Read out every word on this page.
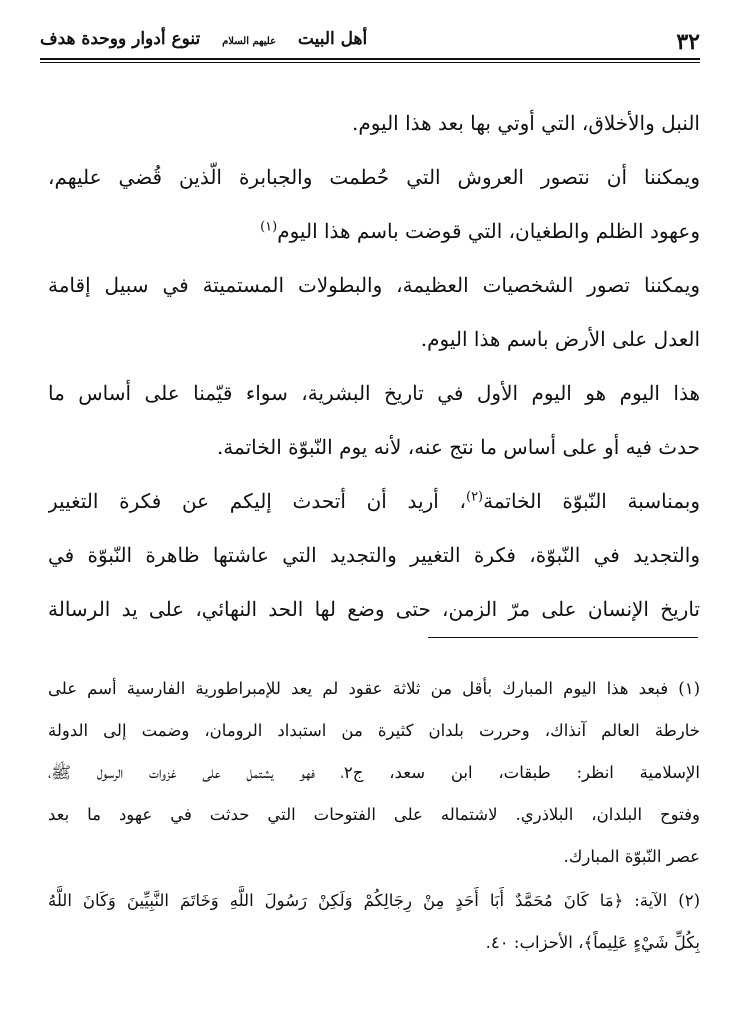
٣٢
أهل البيت  عليهم السلام  تنوع أدوار ووحدة هدف
النبل والأخلاق، التي أوتي بها بعد هذا اليوم.
ويمكننا أن نتصور العروش التي حُطمت والجبابرة الّذين قُضي عليهم،
وعهود الظلم والطغيان، التي قوضت باسم هذا اليوم$^{(١)}$
ويمكننا تصور الشخصيات العظيمة، والبطولات المستميتة في سبيل إقامة
العدل على الأرض باسم هذا اليوم.
هذا اليوم هو اليوم الأول في تاريخ البشرية، سواء قيّمنا على أساس ما
حدث فيه أو على أساس ما نتج عنه، لأنه يوم النّبوّة الخاتمة.
وبمناسبة النّبوّة الخاتمة$^{(٢)}$، أريد أن أتحدث إليكم عن فكرة التغيير
والتجديد في النّبوّة، فكرة التغيير والتجديد التي عاشتها ظاهرة النّبوّة في
تاريخ الإنسان على مرّ الزمن، حتى وضع لها الحد النهائي، على يد الرسالة
(١) فبعد هذا اليوم المبارك بأقل من ثلاثة عقود لم يعد للإمبراطورية الفارسية أسم على
خارطة العالم آنذاك، وحررت بلدان كثيرة من استبداد الرومان، وضمت إلى الدولة
الإسلامية انظر: طبقات، ابن سعد، ج٢، فهو يشتمل على غزوات الرسول ﷺ،
وفتوح البلدان، البلاذري. لاشتماله على الفتوحات التي حدثت في عهود ما بعد
عصر النّبوّة المبارك.
(٢) الآية: ﴿مَا كَانَ مُحَمَّدٌ أَبَا أَحَدٍ مِنْ رِجَالِكُمْ وَلَكِنْ رَسُولَ اللَّهِ وَخَاتَمَ النَّبِيِّينَ وَكَانَ اللَّهُ
بِكُلِّ شَيْءٍ عَلِيماً﴾، الأحزاب: ٤٠.
